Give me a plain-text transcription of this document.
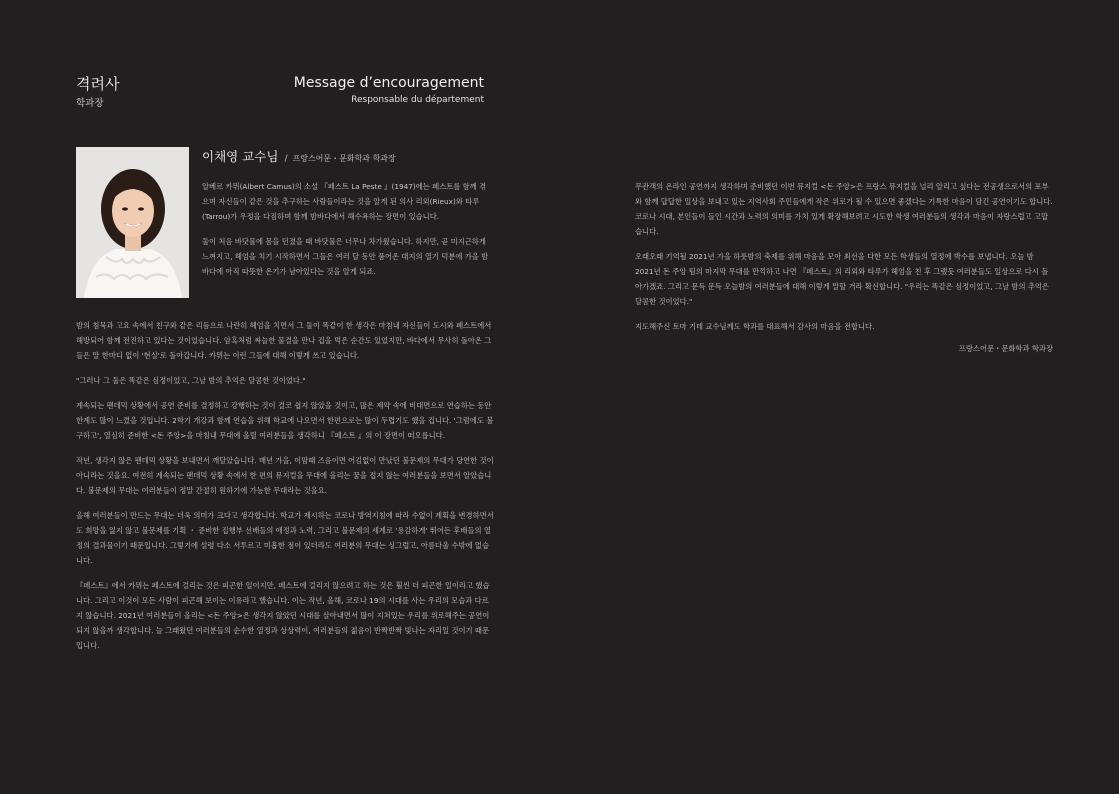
격려사
학과장
Message d’encouragement
Responsable du département
이채영 교수님 / 프랑스어문・문화학과 학과장

알베르 카뮈(Albert Camus)의 소설 『페스트 La Peste 』(1947)에는 페스트를 함께 겪으며 자신들이 같은 것을 추구하는 사람들이라는 것을 알게 된 의사 리외(Rieux)와 타루(Tarrou)가 우정을 다짐하며 함께 밤바다에서 해수욕하는 장면이 있습니다.

둘이 처음 바닷물에 몸을 던졌을 때 바닷물은 너무나 차가웠습니다. 하지만, 곧 미지근하게 느껴지고, 헤엄을 치기 시작하면서 그들은 여러 달 동안 품어온 대지의 열기 덕분에 가을 밤바다에 아직 따뜻한 온기가 남아있다는 것을 알게 되죠.

밤의 침묵과 고요 속에서 친구와 같은 리듬으로 나란히 헤엄을 치면서 그 둘이 똑같이 한 생각은 마침내 자신들이 도시와 페스트에서 해방되어 함께 전진하고 있다는 것이었습니다. 암흑처럼 싸늘한 물결을 만나 겁을 먹은 순간도 있었지만, 바다에서 무사히 돌아온 그들은 말 한마디 없이 '현실'로 돌아갑니다. 카뮈는 이런 그들에 대해 이렇게 쓰고 있습니다.

"그러나 그 둘은 똑같은 심정이었고, 그날 밤의 추억은 달콤한 것이었다."

계속되는 팬데믹 상황에서 공연 준비를 결정하고 강행하는 것이 결코 쉽지 않았을 것이고, 많은 제약 속에 비대면으로 연습하는 동안 한계도 많이 느꼈을 것입니다. 2학기 개강과 함께 연습을 위해 학교에 나오면서 한편으로는 많이 두렵기도 했을 겁니다. '그럼에도 불구하고', 열심히 준비한 <돈 주앙>을 마침내 무대에 올릴 여러분들을 생각하니 『페스트 』의 이 장면이 떠오릅니다.

작년, 생각지 않은 팬데믹 상황을 보내면서 깨달았습니다. 매년 가을, 이맘때 즈음이면 어김없이 만났던 불문제의 무대가 당연한 것이 아니라는 것을요. 여전히 계속되는 팬데믹 상황 속에서 한 편의 뮤지컬을 무대에 올리는 꿈을 접지 않는 여러분들을 보면서 알았습니다. 불문제의 무대는 여러분들이 정말 간절히 원하기에 가능한 무대라는 것을요.

올해 여러분들이 만드는 무대는 더욱 의미가 크다고 생각합니다. 학교가 제시하는 코로나 방역지침에 따라 수없이 계획을 변경하면서도 희망을 잃지 않고 불문제를 기획 ・ 준비한 집행부 선배들의 애정과 노력, 그리고 불문제의 세계로 '용감하게' 뛰어든 후배들의 열정의 결과물이기 때문입니다. 그렇기에 설령 다소 서투르고 미흡한 점이 있더라도 여러분의 무대는 싱그럽고, 아름다울 수밖에 없습니다.

『페스트』에서 카뮈는 페스트에 걸리는 것은 피곤한 일이지만, 페스트에 걸리지 않으려고 하는 것은 훨씬 더 피곤한 일이라고 했습니다. 그리고 이것이 모든 사람이 피곤해 보이는 이유라고 했습니다. 이는 작년, 올해, 코로나 19의 시대를 사는 우리의 모습과 다르지 않습니다. 2021년 여러분들이 올리는 <돈 주앙>은 생각지 않았던 시대를 살아내면서 많이 지쳐있는 우리를 위로해주는 공연이 되지 않을까 생각합니다. 늘 그래왔던 여러분들의 순수한 열정과 상상력이, 여러분들의 젊음이 반짝반짝 빛나는 자리일 것이기 때문입니다.

무관객의 온라인 공연까지 생각하며 준비했던 이번 뮤지컬 <돈 주앙>은 프랑스 뮤지컬을 널리 알리고 싶다는 전공생으로서의 포부와 함께 답답한 일상을 보내고 있는 지역사회 주민들에게 작은 위로가 될 수 있으면 좋겠다는 기특한 마음이 담긴 공연이기도 합니다. 코로나 시대, 본인들이 들인 시간과 노력의 의미를 가치 있게 확장해보려고 시도한 학생 여러분들의 생각과 마음이 자랑스럽고 고맙습니다.

오래오래 기억될 2021년 가을 하룻밤의 축제를 위해 마음을 모아 최선을 다한 모든 학생들의 열정에 박수를 보냅니다. 오늘 밤 2021년 돈 주앙 팀의 마지막 무대를 만끽하고 나면 『페스트』의 리외와 타루가 헤엄을 친 후 그랬듯 여러분들도 일상으로 다시 돌아가겠죠. 그리고 문득 문득 오늘밤의 여러분들에 대해 이렇게 말할 거라 확신합니다. "우리는 똑같은 심정이었고, 그날 밤의 추억은 달콤한 것이었다."

지도해주신 토마 기데 교수님께도 학과를 대표해서 감사의 마음을 전합니다.

프랑스어문・문화학과 학과장
